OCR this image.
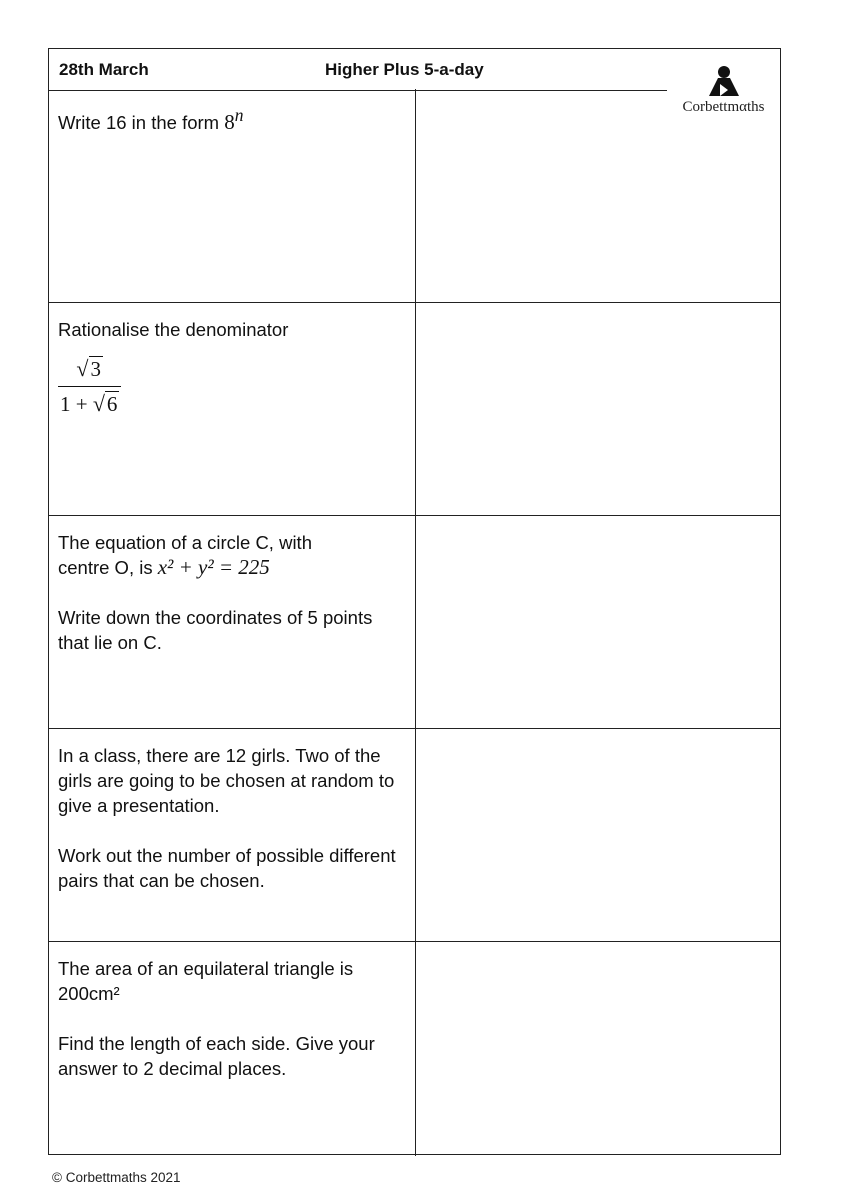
28th March	Higher Plus 5-a-day

Write 16 in the form 8$^n$

Rationalise the denominator

$\frac{√3}{1 + √6}$

The equation of a circle C, with

centre O, is x² + y² = 225

Write down the coordinates of 5 points that lie on C.

In a class, there are 12 girls. Two of the girls are going to be chosen at random to give a presentation.

Work out the number of possible different pairs that can be chosen.

The area of an equilateral triangle is 200cm²

Find the length of each side. Give your answer to 2 decimal places.

Corbettmαths
© Corbettmaths 2021
